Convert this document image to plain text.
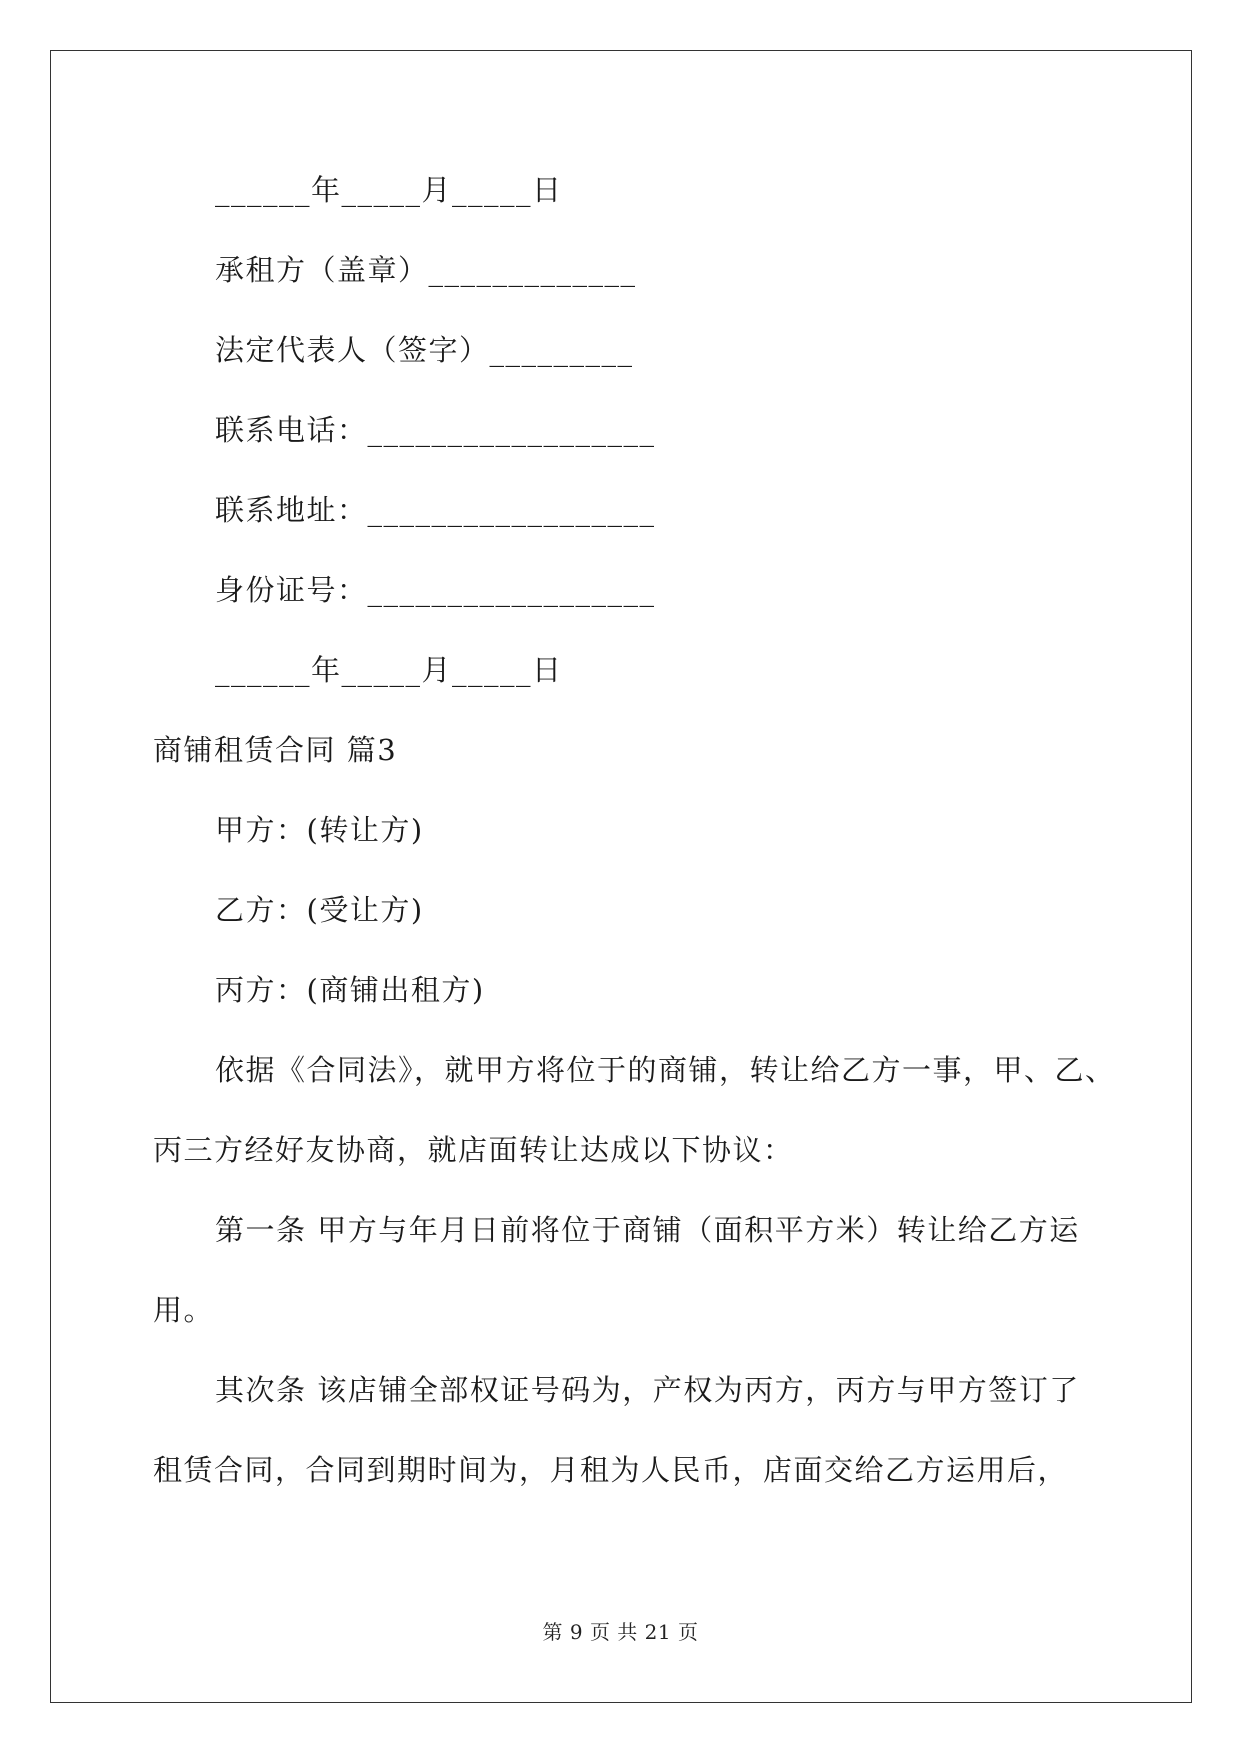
______年_____月_____日
承租方（盖章）_____________
法定代表人（签字）_________
联系电话：__________________
联系地址：__________________
身份证号：__________________
______年_____月_____日
商铺租赁合同 篇3
甲方：(转让方)
乙方：(受让方)
丙方：(商铺出租方)
依据《合同法》，就甲方将位于的商铺，转让给乙方一事，甲、乙、
丙三方经好友协商，就店面转让达成以下协议：
第一条 甲方与年月日前将位于商铺（面积平方米）转让给乙方运
用。
其次条 该店铺全部权证号码为，产权为丙方，丙方与甲方签订了
租赁合同，合同到期时间为，月租为人民币，店面交给乙方运用后，
第 9 页 共 21 页
